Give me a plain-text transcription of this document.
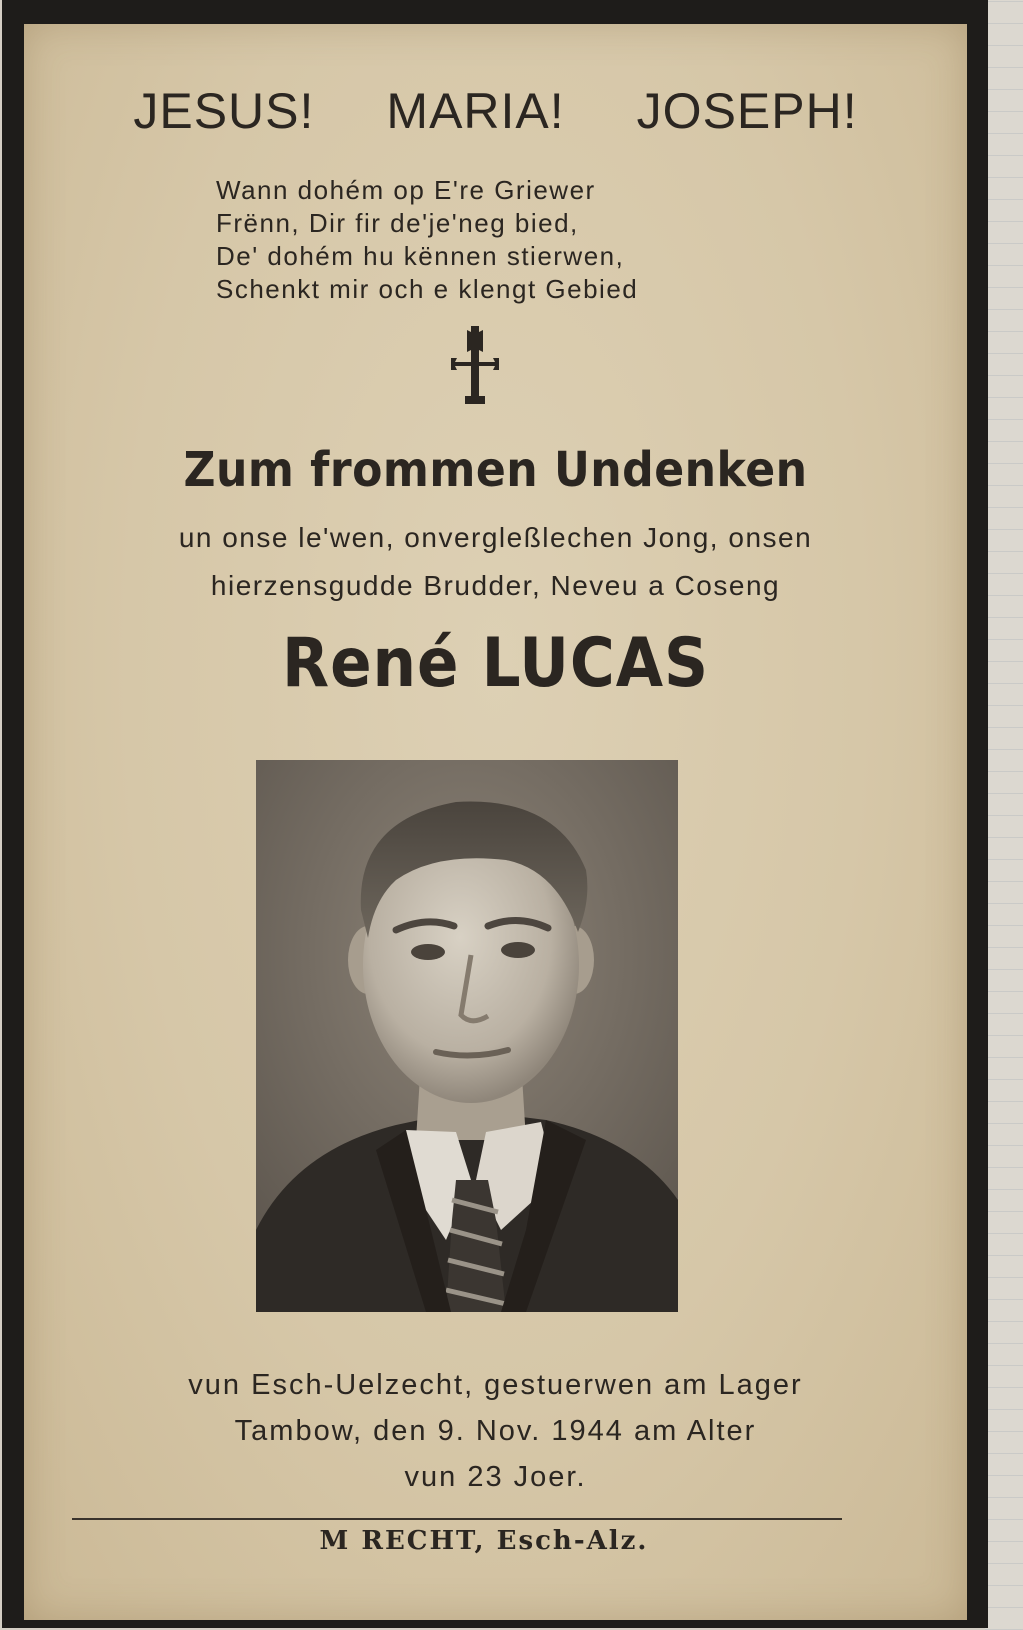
JESUS! MARIA! JOSEPH!
Wann dohém op E're Griewer
Frënn, Dir fir de'je'neg bied,
De' dohém hu kënnen stierwen,
Schenkt mir och e klengt Gebied
Zum frommen Undenken
un onse le'wen, onvergleßlechen Jong, onsen
hierzensgudde Brudder, Neveu a Coseng
René LUCAS
vun Esch-Uelzecht, gestuerwen am Lager
Tambow, den 9. Nov. 1944 am Alter
vun 23 Joer.
M RECHT, Esch-Alz.
